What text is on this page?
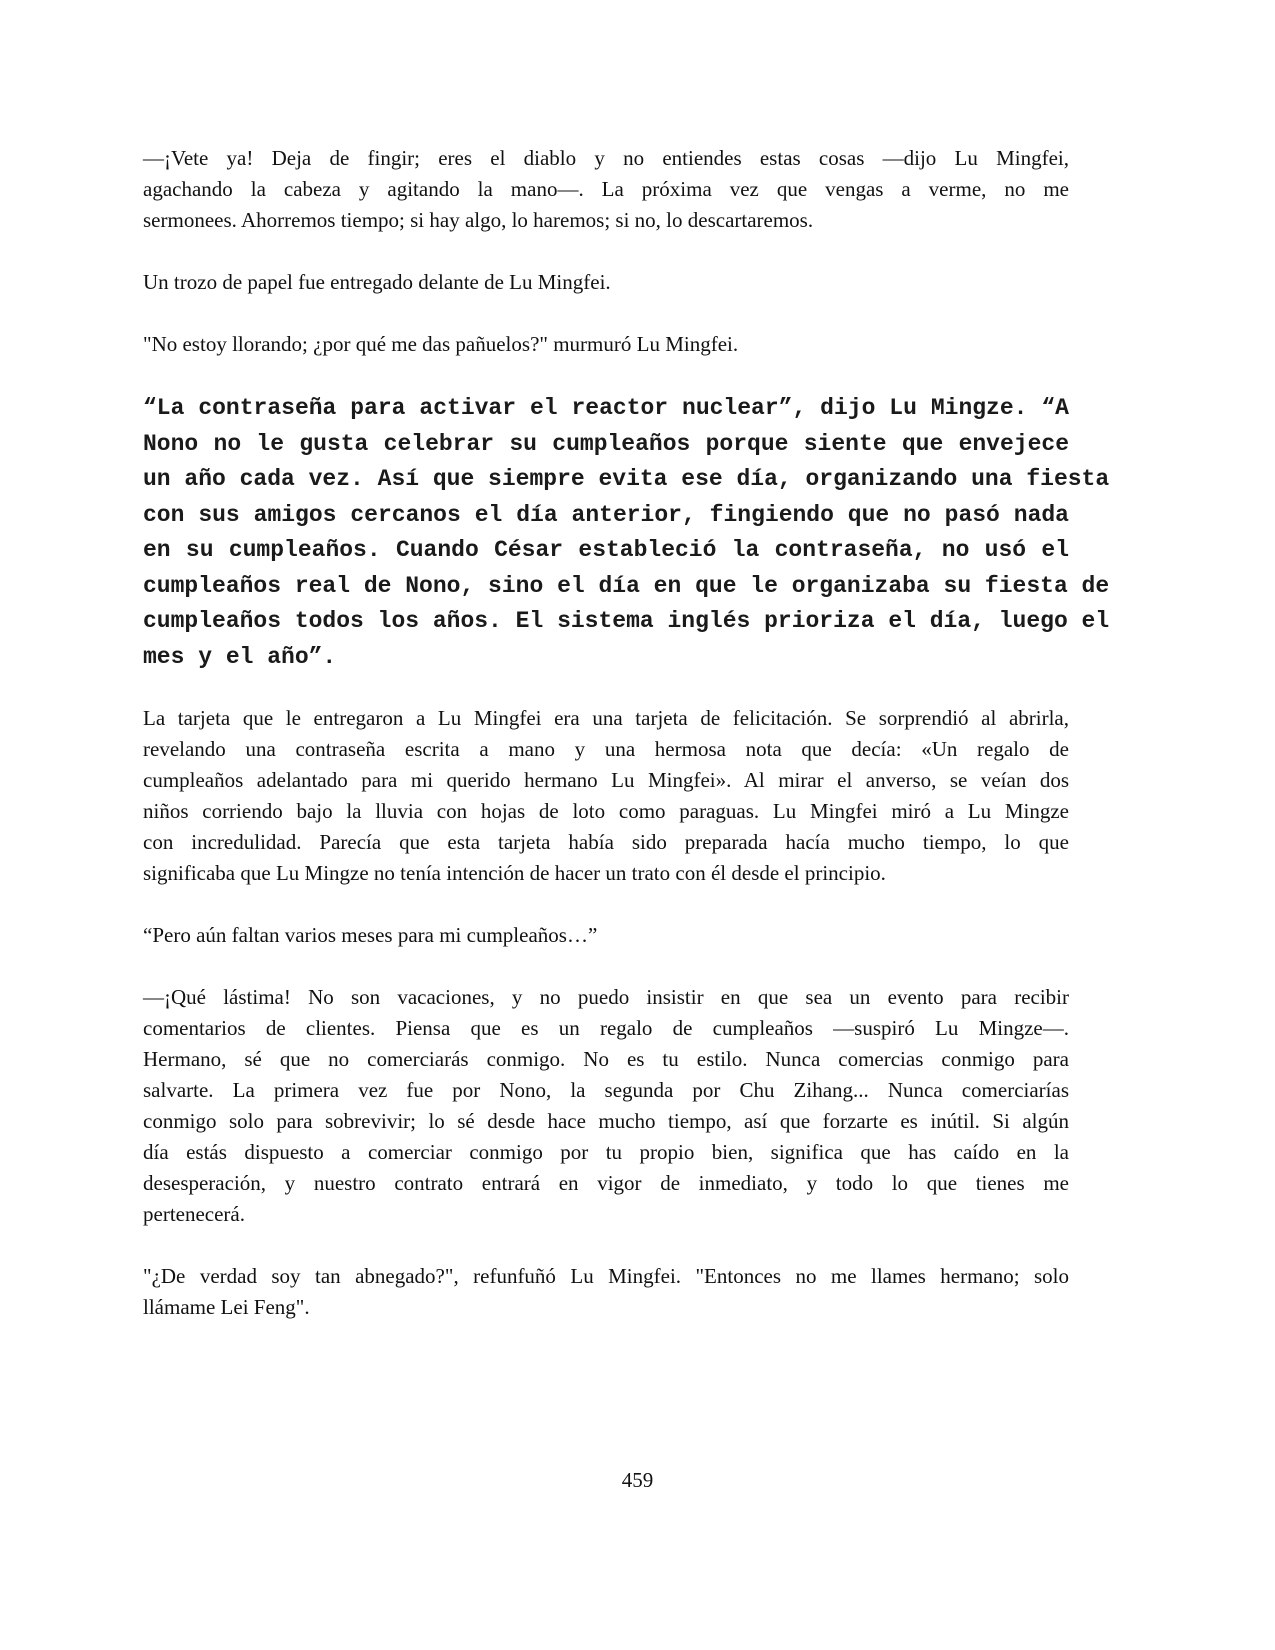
—¡Vete ya! Deja de fingir; eres el diablo y no entiendes estas cosas —dijo Lu Mingfei,
agachando la cabeza y agitando la mano—. La próxima vez que vengas a verme, no me
sermonees. Ahorremos tiempo; si hay algo, lo haremos; si no, lo descartaremos.
Un trozo de papel fue entregado delante de Lu Mingfei.
"No estoy llorando; ¿por qué me das pañuelos?" murmuró Lu Mingfei.
“La contraseña para activar el reactor nuclear”, dijo Lu Mingze. “A
Nono no le gusta celebrar su cumpleaños porque siente que envejece
un año cada vez. Así que siempre evita ese día, organizando una fiesta
con sus amigos cercanos el día anterior, fingiendo que no pasó nada
en su cumpleaños. Cuando César estableció la contraseña, no usó el
cumpleaños real de Nono, sino el día en que le organizaba su fiesta de
cumpleaños todos los años. El sistema inglés prioriza el día, luego el
mes y el año”.
La tarjeta que le entregaron a Lu Mingfei era una tarjeta de felicitación. Se sorprendió al abrirla,
revelando una contraseña escrita a mano y una hermosa nota que decía: «Un regalo de
cumpleaños adelantado para mi querido hermano Lu Mingfei». Al mirar el anverso, se veían dos
niños corriendo bajo la lluvia con hojas de loto como paraguas. Lu Mingfei miró a Lu Mingze
con incredulidad. Parecía que esta tarjeta había sido preparada hacía mucho tiempo, lo que
significaba que Lu Mingze no tenía intención de hacer un trato con él desde el principio.
“Pero aún faltan varios meses para mi cumpleaños…”
—¡Qué lástima! No son vacaciones, y no puedo insistir en que sea un evento para recibir
comentarios de clientes. Piensa que es un regalo de cumpleaños —suspiró Lu Mingze—.
Hermano, sé que no comerciarás conmigo. No es tu estilo. Nunca comercias conmigo para
salvarte. La primera vez fue por Nono, la segunda por Chu Zihang... Nunca comerciarías
conmigo solo para sobrevivir; lo sé desde hace mucho tiempo, así que forzarte es inútil. Si algún
día estás dispuesto a comerciar conmigo por tu propio bien, significa que has caído en la
desesperación, y nuestro contrato entrará en vigor de inmediato, y todo lo que tienes me
pertenecerá.
"¿De verdad soy tan abnegado?", refunfuñó Lu Mingfei. "Entonces no me llames hermano; solo
llámame Lei Feng".
459
